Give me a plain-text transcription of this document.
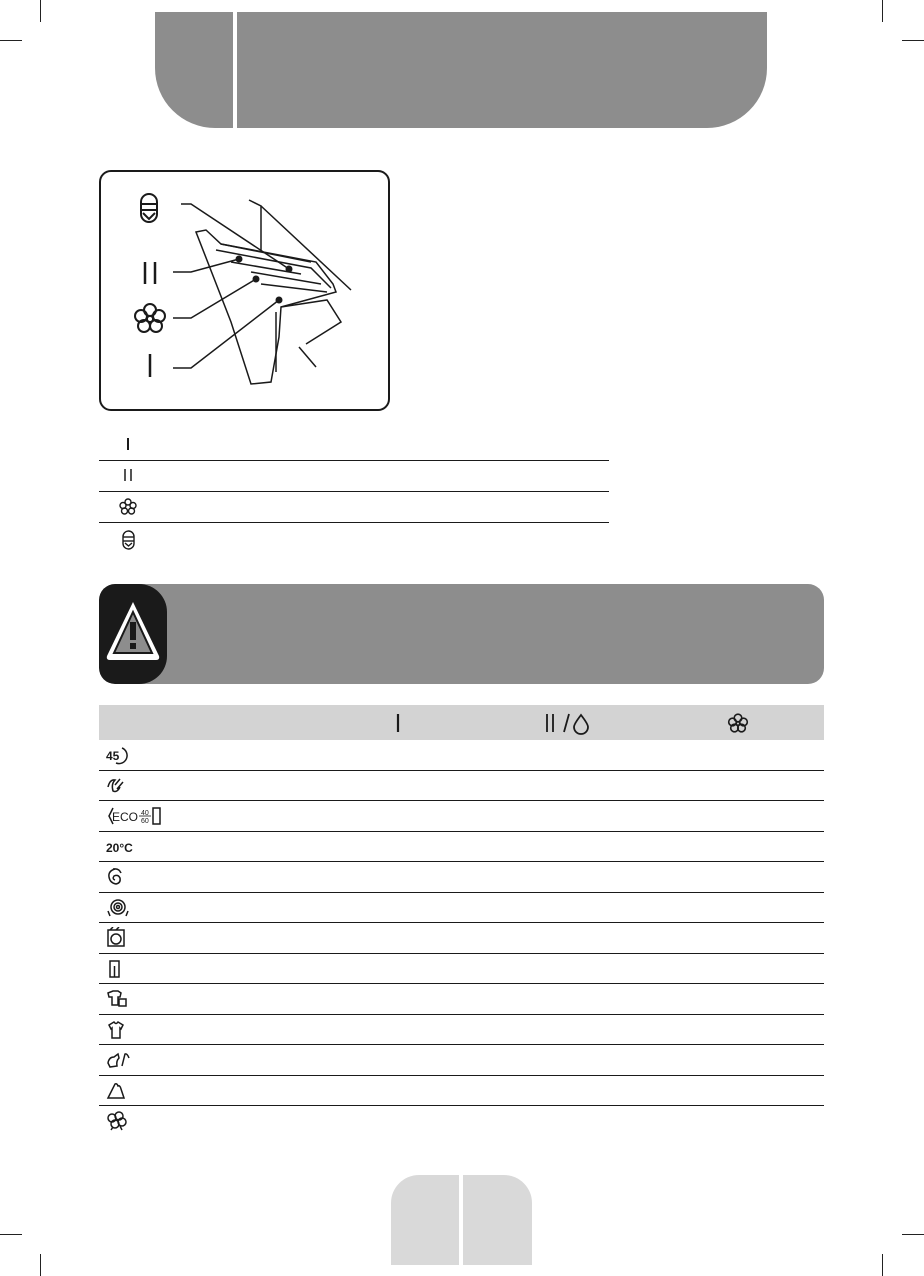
45
ECO 40
60
20°C
